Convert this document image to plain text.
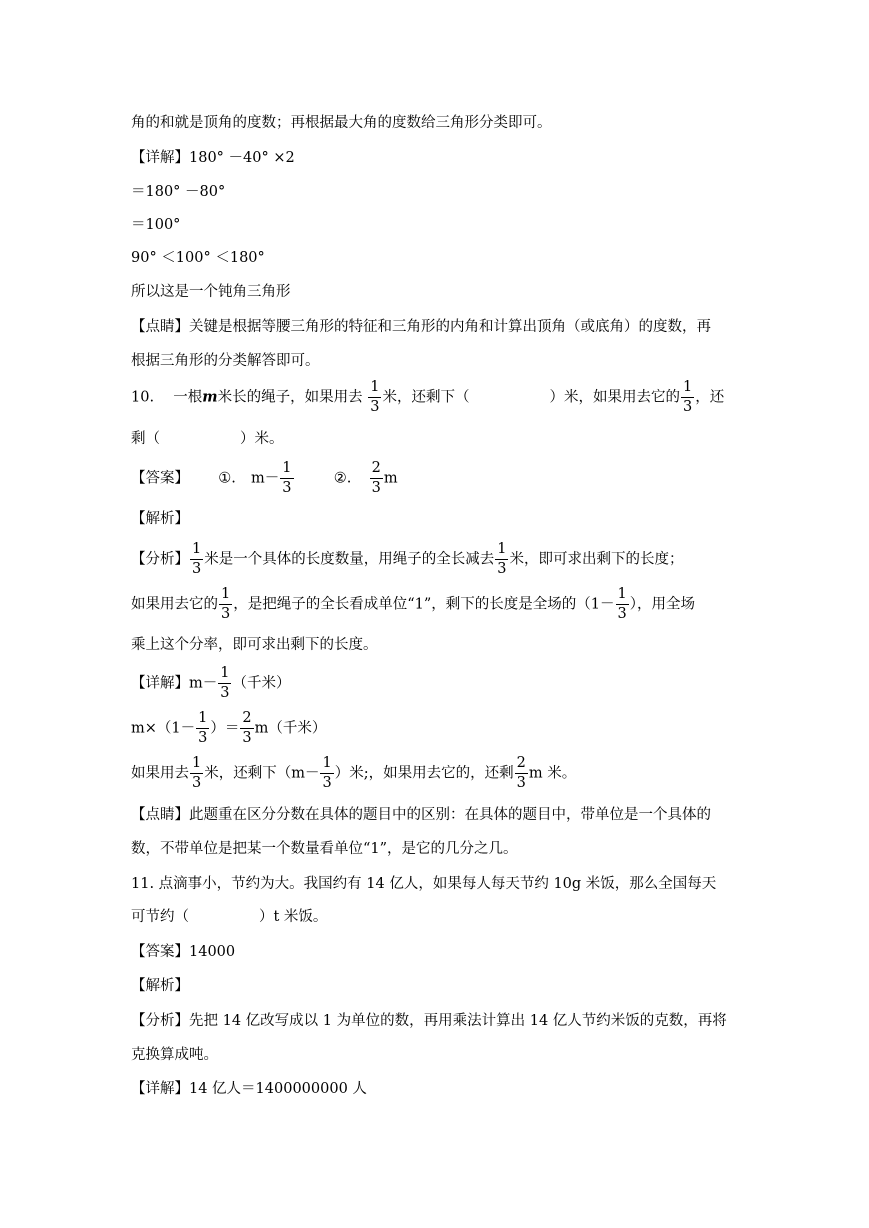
角的和就是顶角的度数；再根据最大角的度数给三角形分类即可。
【详解】180° －40° ×2
＝180° －80°
＝100°
90° ＜100° ＜180°
所以这是一个钝角三角形
【点睛】关键是根据等腰三角形的特征和三角形的内角和计算出顶角（或底角）的度数，再
根据三角形的分类解答即可。
10. 一根m米长的绳子，如果用去 $\frac{1}{3}$ 米，还剩下（	）米，如果用去它的 $\frac{1}{3}$ ，还
剩（	）米。
【答案】 ①. $m- \frac{1}{3}$	②. $\frac{2}{3}$ m
【解析】
【分析】 $\frac{1}{3}$ 米是一个具体的长度数量，用绳子的全长减去 $\frac{1}{3}$ 米，即可求出剩下的长度；
如果用去它的 $\frac{1}{3}$ ，是把绳子的全长看成单位“1”，剩下的长度是全场的（$1- \frac{1}{3}$ ），用全场
乘上这个分率，即可求出剩下的长度。
【详解】$m- \frac{1}{3}$ （千米）
$m\times(1- \frac{1}{3}$ ）＝ $\frac{2}{3} m$（千米）
如果用去 $\frac{1}{3}$ 米，还剩下（$m- \frac{1}{3}$ ）米;，如果用去它的，还剩 $\frac{2}{3}$ m 米。
【点睛】此题重在区分分数在具体的题目中的区别：在具体的题目中，带单位是一个具体的
数，不带单位是把某一个数量看单位“1”，是它的几分之几。
11. 点滴事小，节约为大。我国约有 14 亿人，如果每人每天节约 10g 米饭，那么全国每天
可节约（	）t 米饭。
【答案】14000
【解析】
【分析】先把 14 亿改写成以 1 为单位的数，再用乘法计算出 14 亿人节约米饭的克数，再将
克换算成吨。
【详解】14 亿人＝1400000000 人
